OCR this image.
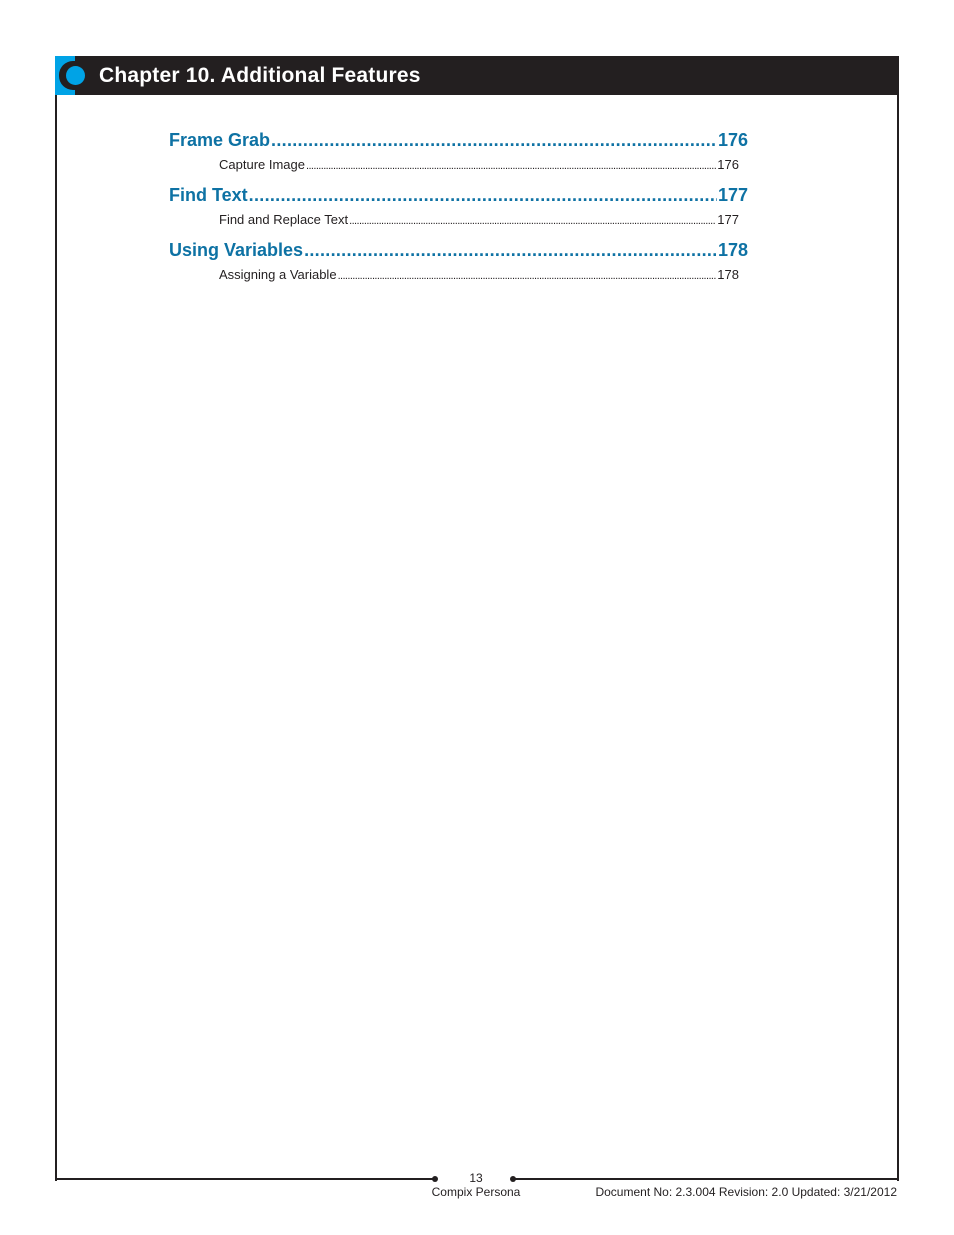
Chapter 10. Additional Features
Frame Grab .....	176
Capture Image .....	176
Find Text .....	177
Find and Replace Text .....	177
Using Variables .....	178
Assigning a Variable .....	178
13
Compix Persona	Document No: 2.3.004 Revision: 2.0 Updated: 3/21/2012
